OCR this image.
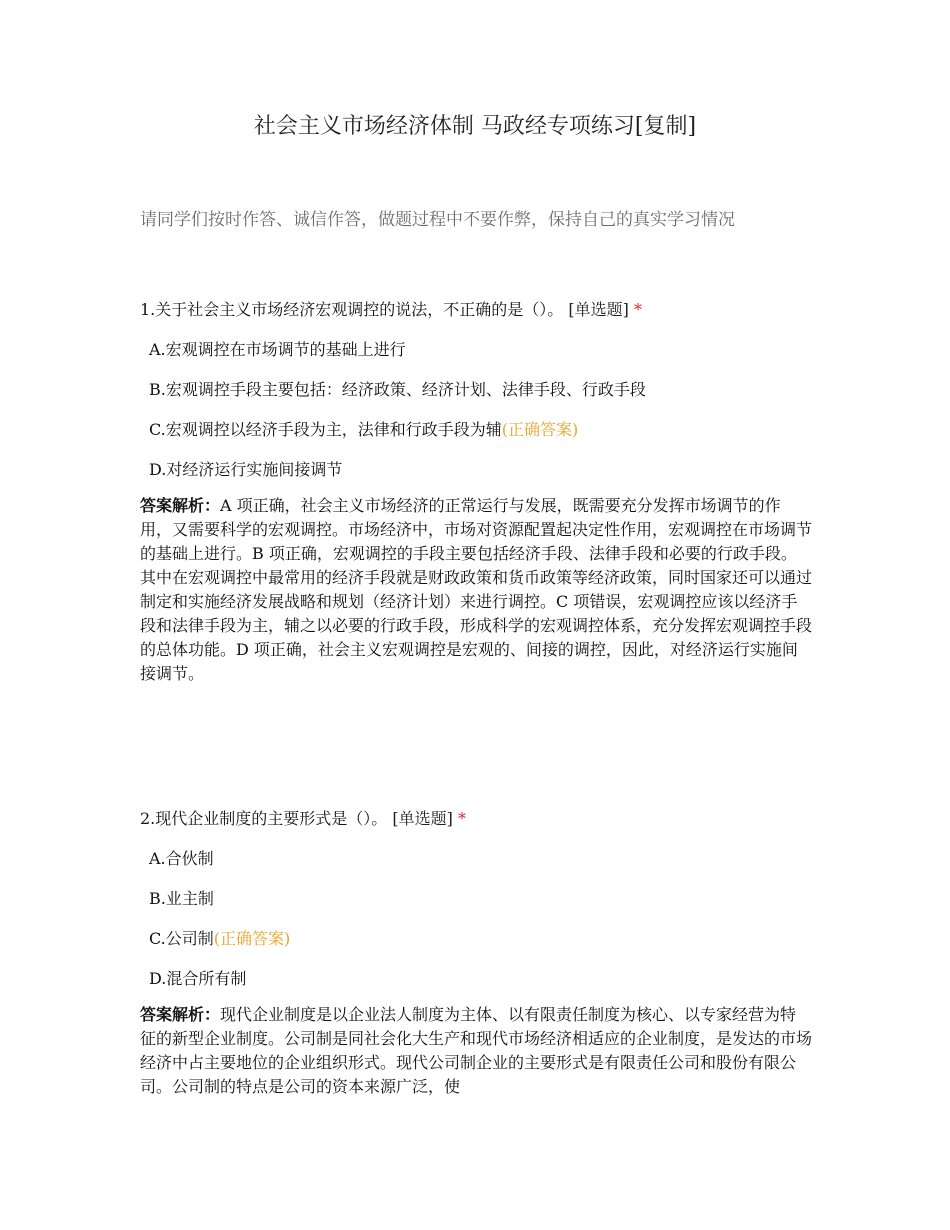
社会主义市场经济体制 马政经专项练习[复制]
请同学们按时作答、诚信作答，做题过程中不要作弊，保持自己的真实学习情况
1.关于社会主义市场经济宏观调控的说法，不正确的是（）。 [单选题] *
A.宏观调控在市场调节的基础上进行
B.宏观调控手段主要包括：经济政策、经济计划、法律手段、行政手段
C.宏观调控以经济手段为主，法律和行政手段为辅(正确答案)
D.对经济运行实施间接调节
答案解析：A 项正确，社会主义市场经济的正常运行与发展，既需要充分发挥市场调节的作用，又需要科学的宏观调控。市场经济中，市场对资源配置起决定性作用，宏观调控在市场调节的基础上进行。B 项正确，宏观调控的手段主要包括经济手段、法律手段和必要的行政手段。其中在宏观调控中最常用的经济手段就是财政政策和货币政策等经济政策，同时国家还可以通过制定和实施经济发展战略和规划（经济计划）来进行调控。C 项错误，宏观调控应该以经济手段和法律手段为主，辅之以必要的行政手段，形成科学的宏观调控体系，充分发挥宏观调控手段的总体功能。D 项正确，社会主义宏观调控是宏观的、间接的调控，因此，对经济运行实施间接调节。
2.现代企业制度的主要形式是（）。 [单选题] *
A.合伙制
B.业主制
C.公司制(正确答案)
D.混合所有制
答案解析：现代企业制度是以企业法人制度为主体、以有限责任制度为核心、以专家经营为特征的新型企业制度。公司制是同社会化大生产和现代市场经济相适应的企业制度，是发达的市场经济中占主要地位的企业组织形式。现代公司制企业的主要形式是有限责任公司和股份有限公司。公司制的特点是公司的资本来源广泛，使
